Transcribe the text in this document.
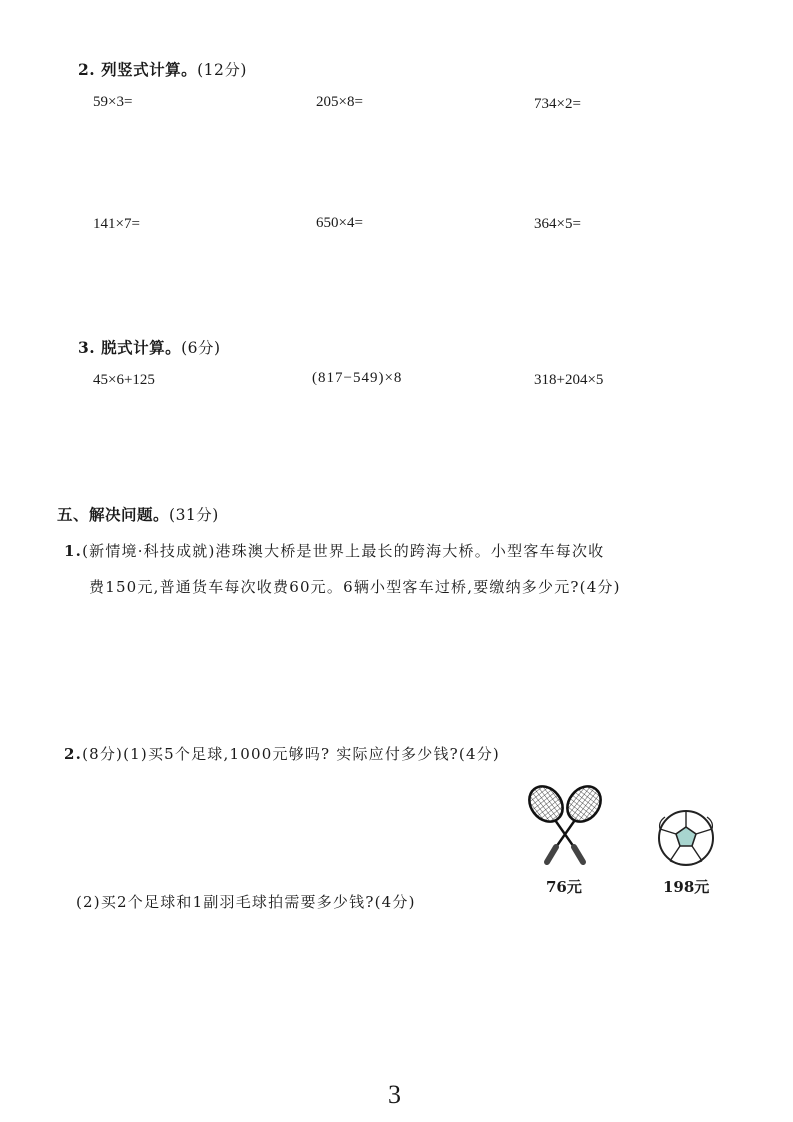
2. 列竖式计算。(12分)
59×3=	205×8=	734×2=
141×7=	650×4=	364×5=
3. 脱式计算。(6分)
45×6+125	(817−549)×8	318+204×5
五、解决问题。(31分)
1.(新情境·科技成就)港珠澳大桥是世界上最长的跨海大桥。小型客车每次收
费150元,普通货车每次收费60元。6辆小型客车过桥,要缴纳多少元?(4分)
2.(8分)(1)买5个足球,1000元够吗? 实际应付多少钱?(4分)
(2)买2个足球和1副羽毛球拍需要多少钱?(4分)
76元	198元
3
